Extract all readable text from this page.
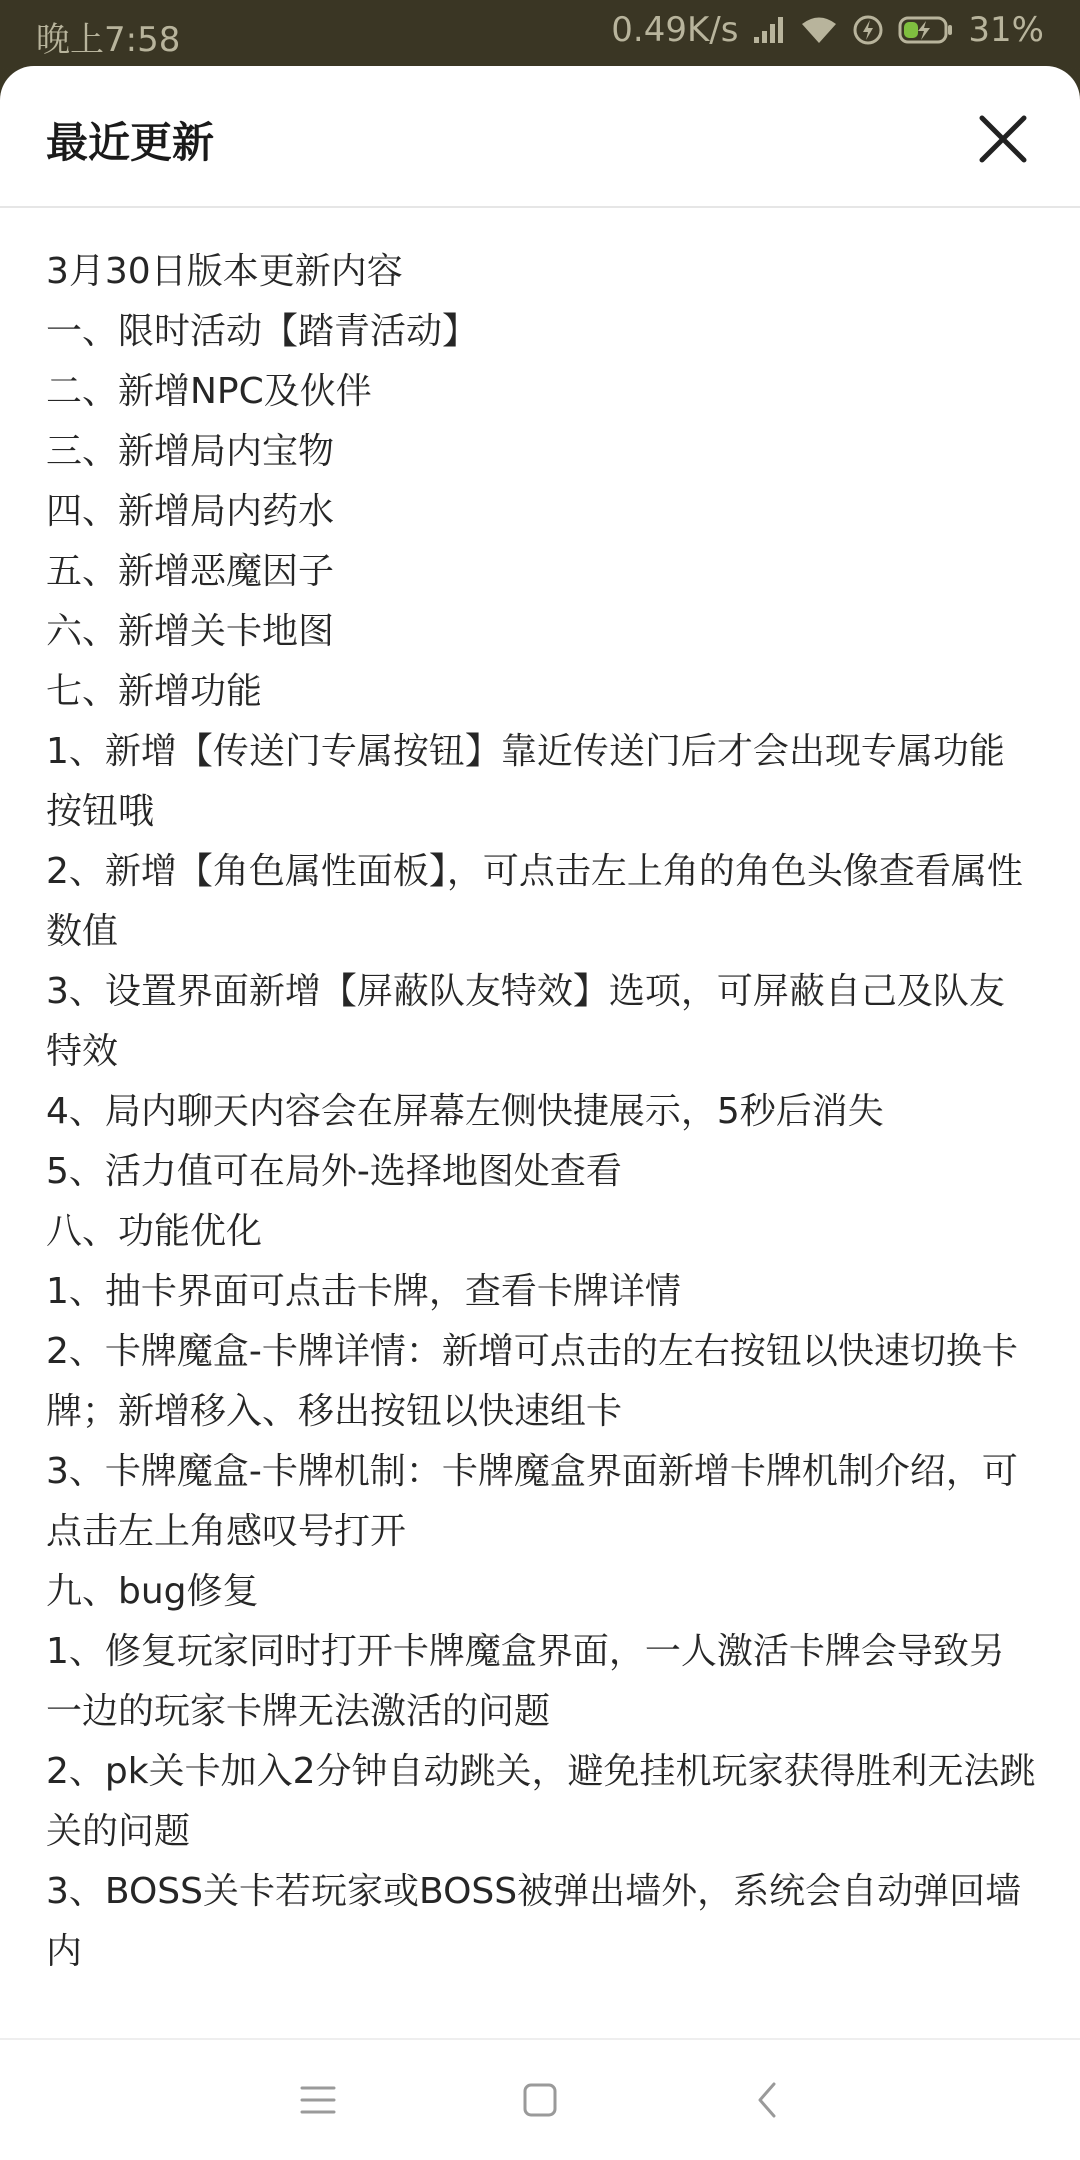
晚上7:58	0.49K/s	31%
最近更新
3月30日版本更新内容
一、限时活动【踏青活动】
二、新增NPC及伙伴
三、新增局内宝物
四、新增局内药水
五、新增恶魔因子
六、新增关卡地图
七、新增功能
1、新增【传送门专属按钮】靠近传送门后才会出现专属功能按钮哦
2、新增【角色属性面板】，可点击左上角的角色头像查看属性数值
3、设置界面新增【屏蔽队友特效】选项，可屏蔽自己及队友特效
4、局内聊天内容会在屏幕左侧快捷展示，5秒后消失
5、活力值可在局外-选择地图处查看
八、功能优化
1、抽卡界面可点击卡牌，查看卡牌详情
2、卡牌魔盒-卡牌详情：新增可点击的左右按钮以快速切换卡牌；新增移入、移出按钮以快速组卡
3、卡牌魔盒-卡牌机制：卡牌魔盒界面新增卡牌机制介绍，可点击左上角感叹号打开
九、bug修复
1、修复玩家同时打开卡牌魔盒界面，一人激活卡牌会导致另一边的玩家卡牌无法激活的问题
2、pk关卡加入2分钟自动跳关，避免挂机玩家获得胜利无法跳关的问题
3、BOSS关卡若玩家或BOSS被弹出墙外，系统会自动弹回墙内
